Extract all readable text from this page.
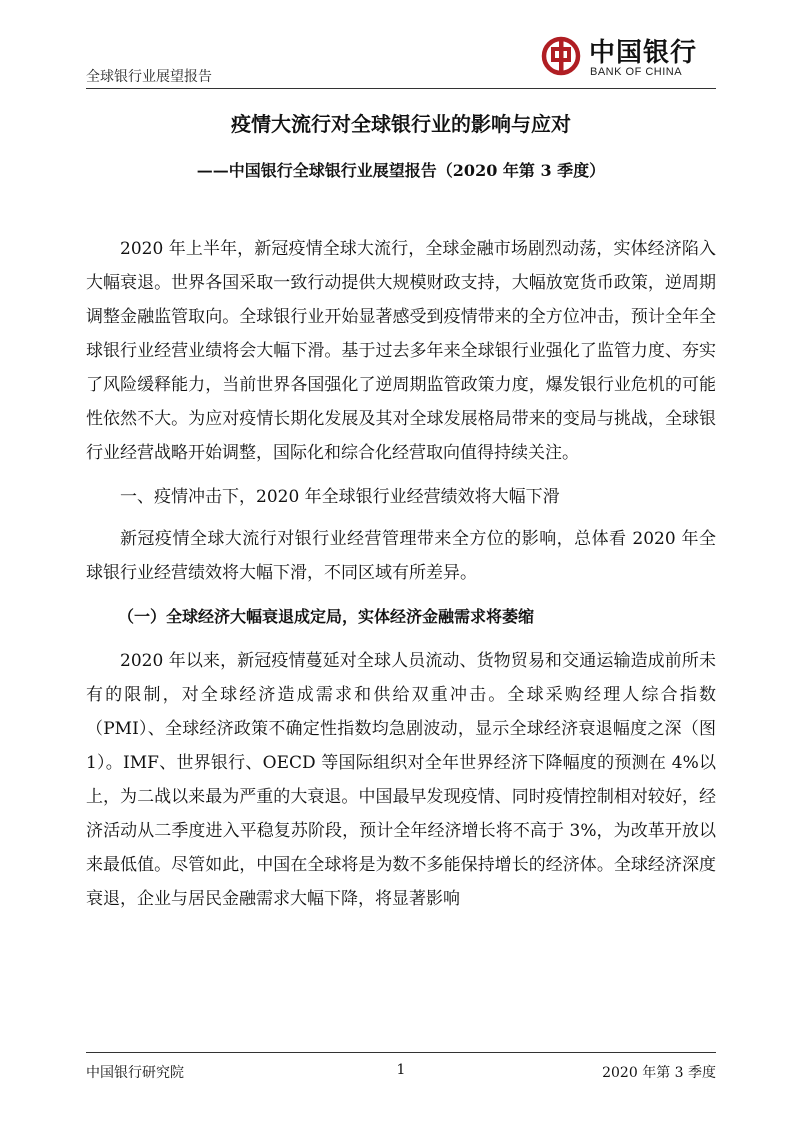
全球银行业展望报告
中国银行
BANK OF CHINA
疫情大流行对全球银行业的影响与应对
——中国银行全球银行业展望报告（2020 年第 3 季度）

2020 年上半年，新冠疫情全球大流行，全球金融市场剧烈动荡，实体经济陷入大幅衰退。世界各国采取一致行动提供大规模财政支持，大幅放宽货币政策，逆周期调整金融监管取向。全球银行业开始显著感受到疫情带来的全方位冲击，预计全年全球银行业经营业绩将会大幅下滑。基于过去多年来全球银行业强化了监管力度、夯实了风险缓释能力，当前世界各国强化了逆周期监管政策力度，爆发银行业危机的可能性依然不大。为应对疫情长期化发展及其对全球发展格局带来的变局与挑战，全球银行业经营战略开始调整，国际化和综合化经营取向值得持续关注。

一、疫情冲击下，2020 年全球银行业经营绩效将大幅下滑

新冠疫情全球大流行对银行业经营管理带来全方位的影响，总体看 2020 年全球银行业经营绩效将大幅下滑，不同区域有所差异。

（一）全球经济大幅衰退成定局，实体经济金融需求将萎缩

2020 年以来，新冠疫情蔓延对全球人员流动、货物贸易和交通运输造成前所未有的限制，对全球经济造成需求和供给双重冲击。全球采购经理人综合指数（PMI）、全球经济政策不确定性指数均急剧波动，显示全球经济衰退幅度之深（图 1）。IMF、世界银行、OECD 等国际组织对全年世界经济下降幅度的预测在 4%以上，为二战以来最为严重的大衰退。中国最早发现疫情、同时疫情控制相对较好，经济活动从二季度进入平稳复苏阶段，预计全年经济增长将不高于 3%，为改革开放以来最低值。尽管如此，中国在全球将是为数不多能保持增长的经济体。全球经济深度衰退，企业与居民金融需求大幅下降，将显著影响

中国银行研究院	1	2020 年第 3 季度
